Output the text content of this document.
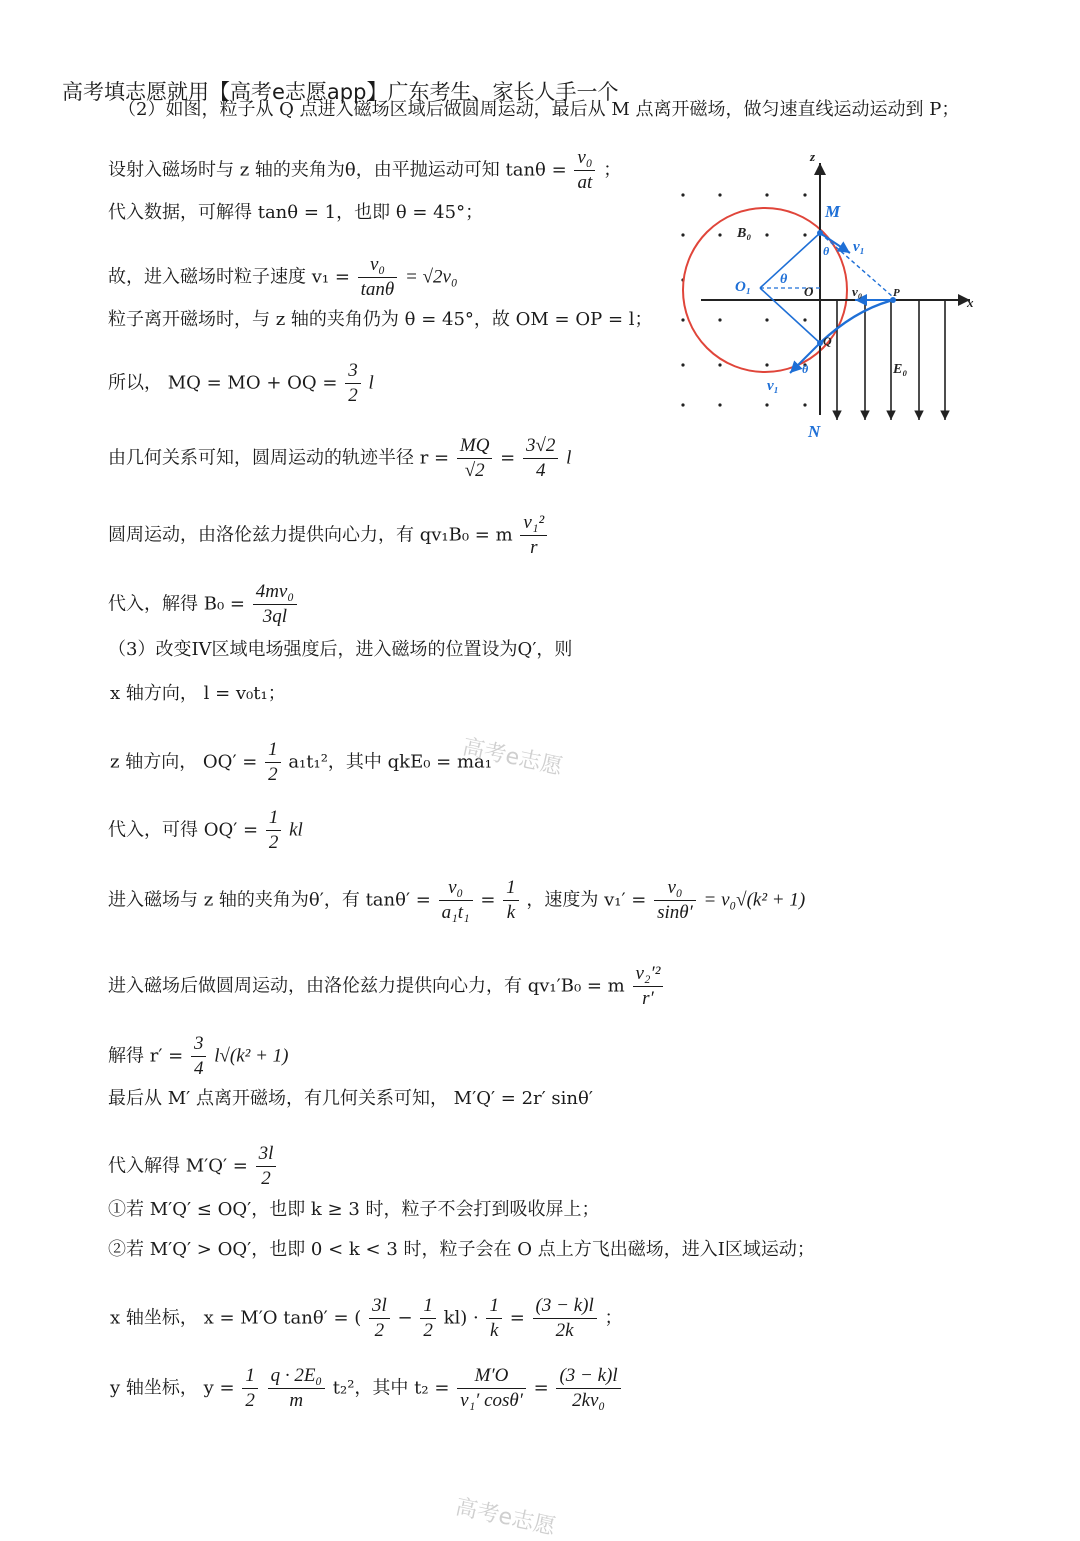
高考填志愿就用【高考e志愿app】广东考生、家长人手一个
（2）如图，粒子从 Q 点进入磁场区域后做圆周运动，最后从 M 点离开磁场，做匀速直线运动运动到 P；
设射入磁场时与 z 轴的夹角为θ，由平抛运动可知 $\tan\theta = \frac{\text{v₀}}{at}$ ；
代入数据，可解得 tanθ = 1，也即 θ = 45°；
故，进入磁场时粒子速度 $v_1 = \frac{\text{v₀}}{\tan\theta} = √2v_0$
粒子离开磁场时，与 z 轴的夹角仍为 θ = 45°，故 OM = OP = l；
所以， MQ = MO + OQ = $\frac{3}{2}$ l
由几何关系可知，圆周运动的轨迹半径 $r = \frac{MQ}{√2} = \frac{3√2}{4}$ l
圆周运动，由洛伦兹力提供向心力，有 qv₁B₀ = m $\frac{\text{v₁²}}{r}$
代入，解得 $B_0 = \frac{\text{4mv₀}}{3ql}$
（3）改变IV区域电场强度后，进入磁场的位置设为Q′，则
x 轴方向， l = v₀t₁；
z 轴方向， $OQ' = \frac{1}{2} a_1t_1^2$，其中 qkE₀ = ma₁
代入，可得 $OQ' = \frac{1}{2}$ kl
进入磁场与 z 轴的夹角为θ′，有 $\tan\theta' = \frac{\text{v₀}}{\text{a₁t₁}} = \frac{1}{k}$ ，速度为 $v_1' = \frac{\text{v₀}}{\sin\theta'} = v_0√(k^2 + 1)$
进入磁场后做圆周运动，由洛伦兹力提供向心力，有 qv₁′B₀ = m $\frac{\text{v₂′²}}{r'}$
解得 $r' = \frac{3}{4} l√(k^2 + 1)$
最后从 M′ 点离开磁场，有几何关系可知， M′Q′ = 2r′ sinθ′
代入解得 $M'Q' = \frac{3l}{2}$
①若 M′Q′ ≤ OQ′，也即 k ≥ 3 时，粒子不会打到吸收屏上；
②若 M′Q′ > OQ′，也即 0 < k < 3 时，粒子会在 O 点上方飞出磁场，进入I区域运动；
x 轴坐标， x = M′O tanθ′ = ( $\frac{3l}{2} - \frac{1}{2} kl) \cdot \frac{1}{k} = \frac{(3 - k)l}{2k}$ ；
y 轴坐标， $y = \frac{1}{2}$
$\frac{\text{q · 2E₀}}{m} t_2^2$，其中 $t_2 = \frac{M'O}{\text{v₁′ cosθ′}} = \frac{(3 - k)l}{\text{2kv₀}}$
高考e志愿
高考e志愿
z
x
M
N
B₀
O₁	O
θ
θ
θ
v₁
v₀	P
Q
v₁
E₀
